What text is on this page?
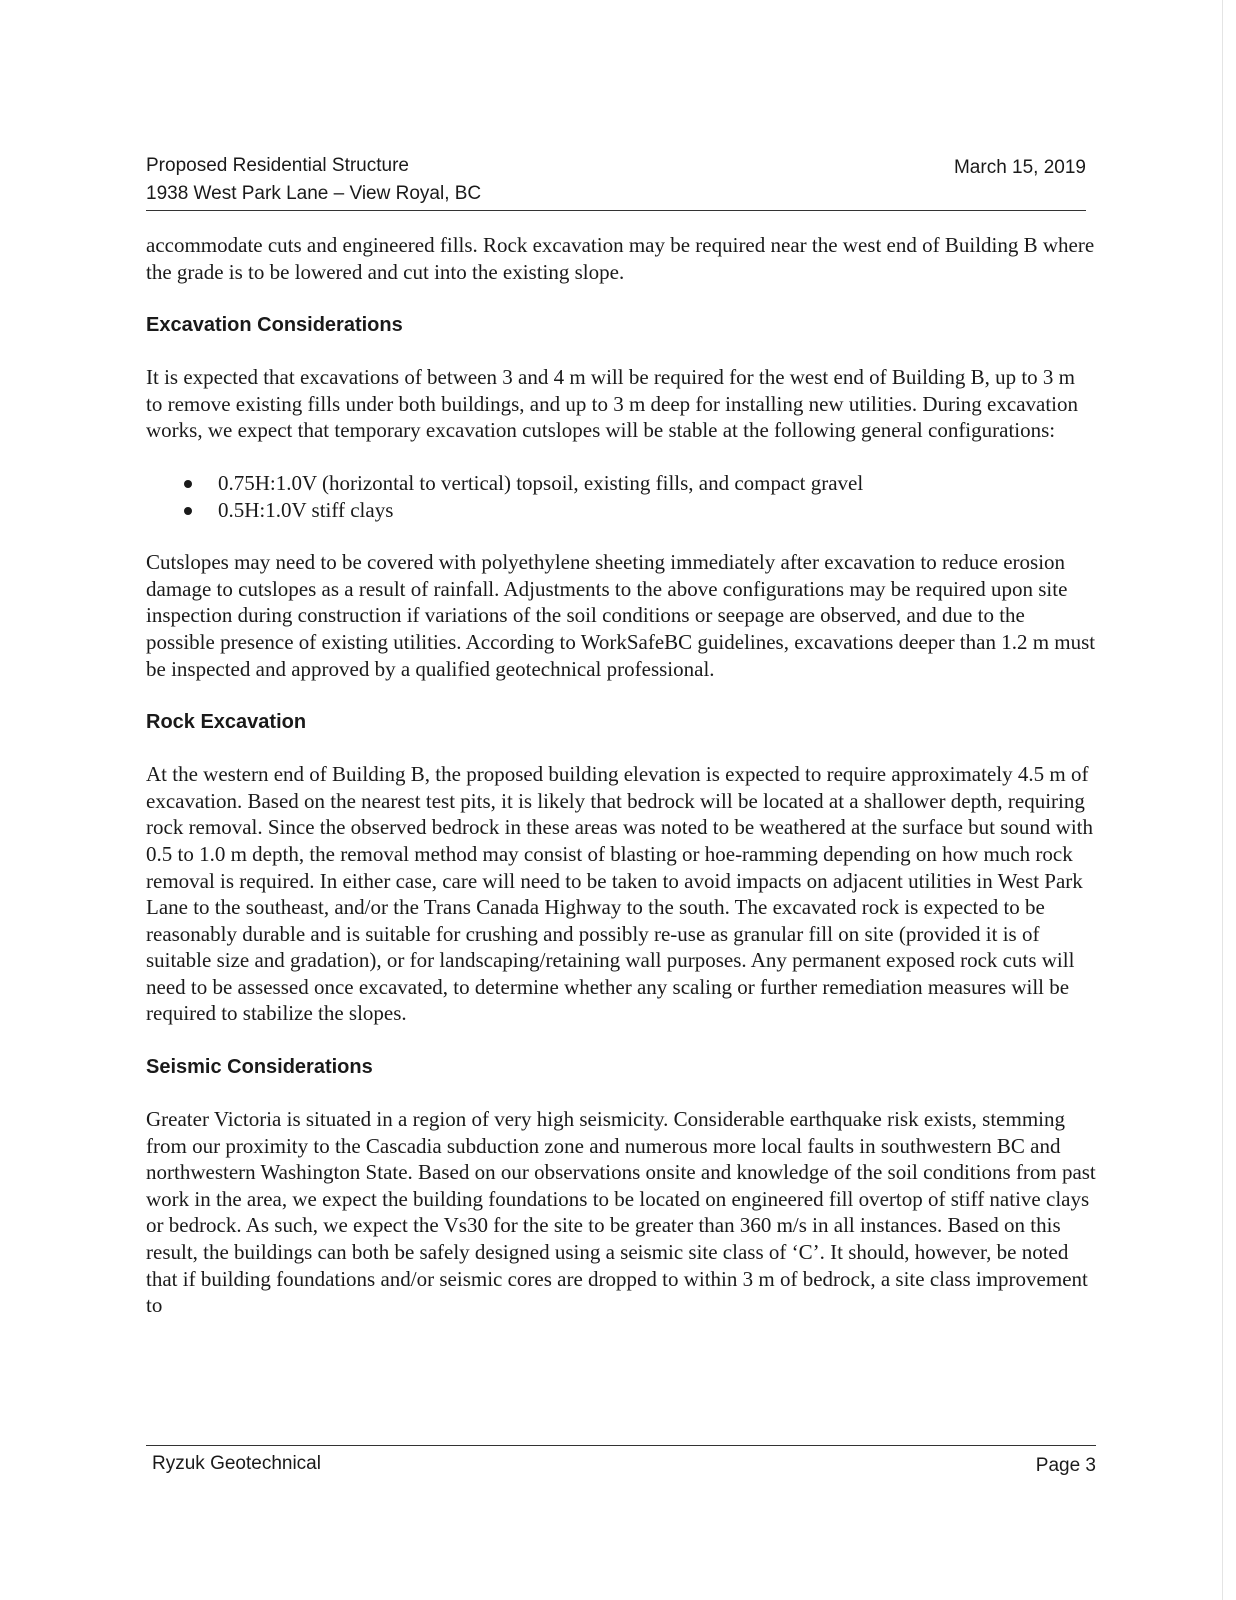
Proposed Residential Structure
1938 West Park Lane – View Royal, BC
March 15, 2019

accommodate cuts and engineered fills. Rock excavation may be required near the west end of Building B where the grade is to be lowered and cut into the existing slope.

Excavation Considerations

It is expected that excavations of between 3 and 4 m will be required for the west end of Building B, up to 3 m to remove existing fills under both buildings, and up to 3 m deep for installing new utilities. During excavation works, we expect that temporary excavation cutslopes will be stable at the following general configurations:

0.75H:1.0V (horizontal to vertical) topsoil, existing fills, and compact gravel
0.5H:1.0V stiff clays

Cutslopes may need to be covered with polyethylene sheeting immediately after excavation to reduce erosion damage to cutslopes as a result of rainfall. Adjustments to the above configurations may be required upon site inspection during construction if variations of the soil conditions or seepage are observed, and due to the possible presence of existing utilities. According to WorkSafeBC guidelines, excavations deeper than 1.2 m must be inspected and approved by a qualified geotechnical professional.

Rock Excavation

At the western end of Building B, the proposed building elevation is expected to require approximately 4.5 m of excavation. Based on the nearest test pits, it is likely that bedrock will be located at a shallower depth, requiring rock removal. Since the observed bedrock in these areas was noted to be weathered at the surface but sound with 0.5 to 1.0 m depth, the removal method may consist of blasting or hoe-ramming depending on how much rock removal is required. In either case, care will need to be taken to avoid impacts on adjacent utilities in West Park Lane to the southeast, and/or the Trans Canada Highway to the south. The excavated rock is expected to be reasonably durable and is suitable for crushing and possibly re-use as granular fill on site (provided it is of suitable size and gradation), or for landscaping/retaining wall purposes. Any permanent exposed rock cuts will need to be assessed once excavated, to determine whether any scaling or further remediation measures will be required to stabilize the slopes.

Seismic Considerations

Greater Victoria is situated in a region of very high seismicity. Considerable earthquake risk exists, stemming from our proximity to the Cascadia subduction zone and numerous more local faults in southwestern BC and northwestern Washington State. Based on our observations onsite and knowledge of the soil conditions from past work in the area, we expect the building foundations to be located on engineered fill overtop of stiff native clays or bedrock. As such, we expect the Vs30 for the site to be greater than 360 m/s in all instances. Based on this result, the buildings can both be safely designed using a seismic site class of ‘C’. It should, however, be noted that if building foundations and/or seismic cores are dropped to within 3 m of bedrock, a site class improvement to

Ryzuk Geotechnical	Page 3
